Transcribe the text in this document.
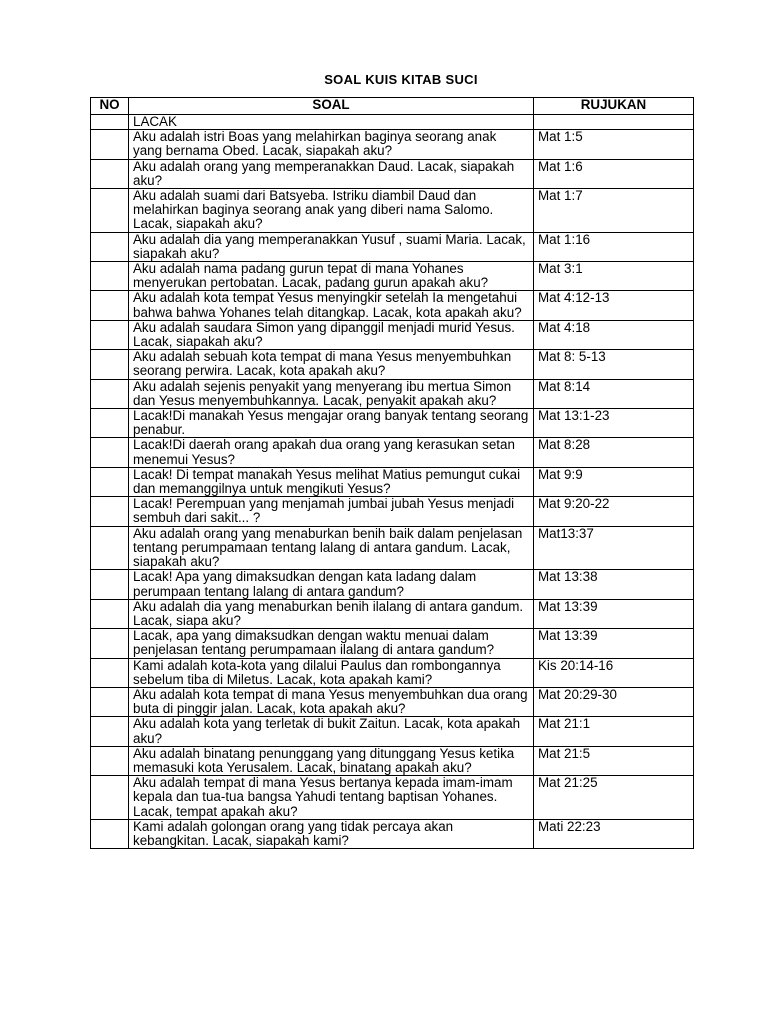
SOAL KUIS KITAB SUCI
NO	SOAL	RUJUKAN
	LACAK	
	Aku adalah istri Boas yang melahirkan baginya seorang anak yang bernama Obed. Lacak, siapakah aku?	Mat 1:5
	Aku adalah orang yang memperanakkan Daud. Lacak, siapakah aku?	Mat 1:6
	Aku adalah suami dari Batsyeba. Istriku diambil Daud dan melahirkan baginya seorang anak yang diberi nama Salomo. Lacak, siapakah aku?	Mat 1:7
	Aku adalah dia yang memperanakkan Yusuf , suami Maria. Lacak, siapakah aku?	Mat 1:16
	Aku adalah nama padang gurun tepat di mana Yohanes menyerukan pertobatan. Lacak, padang gurun apakah aku?	Mat 3:1
	Aku adalah kota tempat Yesus menyingkir setelah Ia mengetahui bahwa bahwa Yohanes telah ditangkap. Lacak, kota apakah aku?	Mat 4:12-13
	Aku adalah saudara Simon yang dipanggil menjadi murid Yesus. Lacak, siapakah aku?	Mat 4:18
	Aku adalah sebuah kota tempat di mana Yesus menyembuhkan seorang perwira. Lacak, kota apakah aku?	Mat 8: 5-13
	Aku adalah sejenis penyakit yang menyerang ibu mertua Simon dan Yesus menyembuhkannya. Lacak, penyakit apakah aku?	Mat 8:14
	Lacak!Di manakah Yesus mengajar orang banyak tentang seorang penabur.	Mat 13:1-23
	Lacak!Di daerah orang apakah dua orang yang kerasukan setan menemui Yesus?	Mat 8:28
	Lacak! Di tempat manakah Yesus melihat Matius pemungut cukai dan memanggilnya untuk mengikuti Yesus?	Mat 9:9
	Lacak! Perempuan yang menjamah jumbai jubah Yesus menjadi sembuh dari sakit... ?	Mat 9:20-22
	Aku adalah orang yang menaburkan benih baik dalam penjelasan tentang perumpamaan tentang lalang di antara gandum. Lacak, siapakah aku?	Mat13:37
	Lacak! Apa yang dimaksudkan dengan kata ladang dalam perumpaan tentang lalang di antara gandum?	Mat 13:38
	Aku adalah dia yang menaburkan benih ilalang di antara gandum. Lacak, siapa aku?	Mat 13:39
	Lacak, apa yang dimaksudkan dengan waktu menuai dalam penjelasan tentang perumpamaan ilalang di antara gandum?	Mat 13:39
	Kami adalah kota-kota yang dilalui Paulus dan rombongannya sebelum tiba di Miletus. Lacak, kota apakah kami?	Kis 20:14-16
	Aku adalah kota tempat di mana Yesus menyembuhkan dua orang buta di pinggir jalan. Lacak, kota apakah aku?	Mat 20:29-30
	Aku adalah kota yang terletak di bukit Zaitun. Lacak, kota apakah aku?	Mat 21:1
	Aku adalah binatang penunggang yang ditunggang Yesus ketika memasuki kota Yerusalem. Lacak, binatang apakah aku?	Mat 21:5
	Aku adalah tempat di mana Yesus bertanya kepada imam-imam kepala dan tua-tua bangsa Yahudi tentang baptisan Yohanes. Lacak, tempat apakah aku?	Mat 21:25
	Kami adalah golongan orang yang tidak percaya akan kebangkitan. Lacak, siapakah kami?	Mati 22:23
